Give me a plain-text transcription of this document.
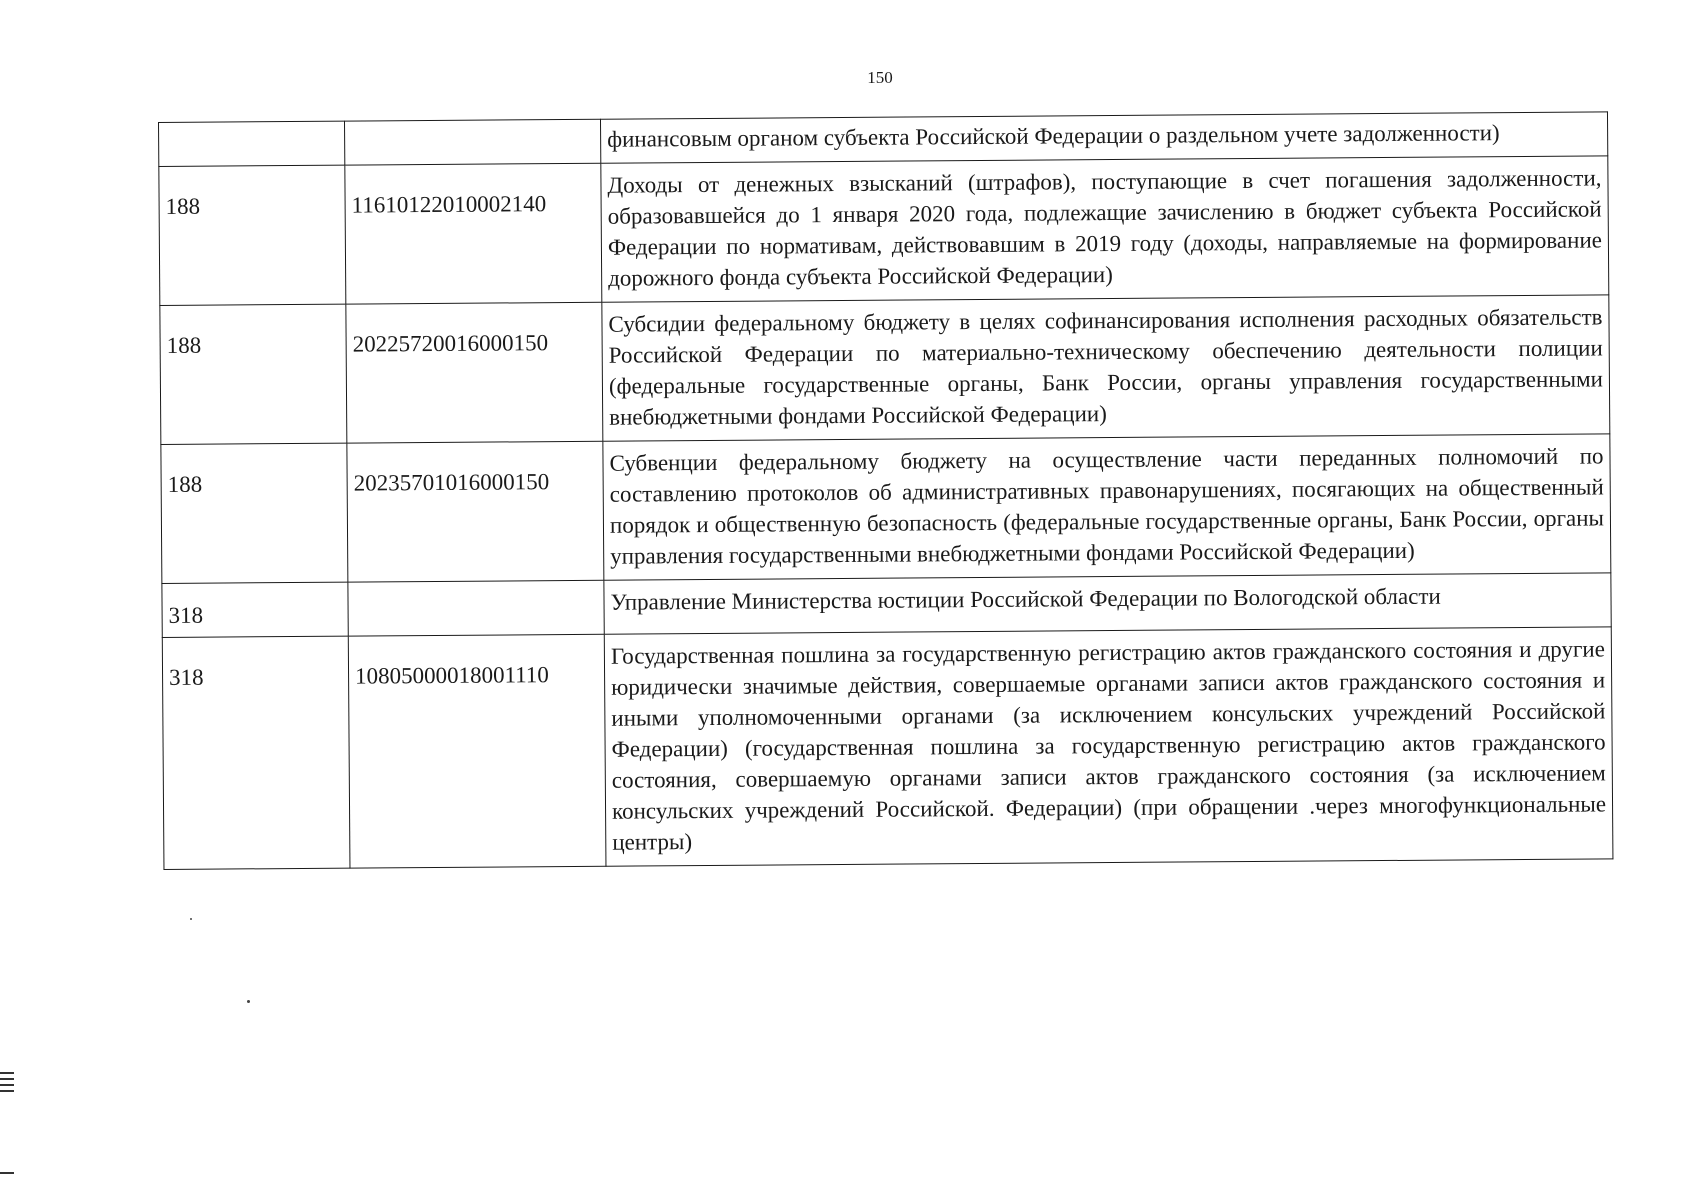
150
		финансовым органом субъекта Российской Федерации о раздельном учете задолженности)
188	11610122010002140	Доходы от денежных взысканий (штрафов), поступающие в счет погашения задолженности, образовавшейся до 1 января 2020 года, подлежащие зачислению в бюджет субъекта Российской Федерации по нормативам, действовавшим в 2019 году (доходы, направляемые на формирование дорожного фонда субъекта Российской Федерации)
188	20225720016000150	Субсидии федеральному бюджету в целях софинансирования исполнения расходных обязательств Российской Федерации по материально-техническому обеспечению деятельности полиции (федеральные государственные органы, Банк России, органы управления государственными внебюджетными фондами Российской Федерации)
188	20235701016000150	Субвенции федеральному бюджету на осуществление части переданных полномочий по составлению протоколов об административных правонарушениях, посягающих на общественный порядок и общественную безопасность (федеральные государственные органы, Банк России, органы управления государственными внебюджетными фондами Российской Федерации)
318		Управление Министерства юстиции Российской Федерации по Вологодской области
318	10805000018001110	Государственная пошлина за государственную регистрацию актов гражданского состояния и другие юридически значимые действия, совершаемые органами записи актов гражданского состояния и иными уполномоченными органами (за исключением консульских учреждений Российской Федерации) (государственная пошлина за государственную регистрацию актов гражданского состояния, совершаемую органами записи актов гражданского состояния (за исключением консульских учреждений Российской. Федерации) (при обращении .через многофункциональные центры)
